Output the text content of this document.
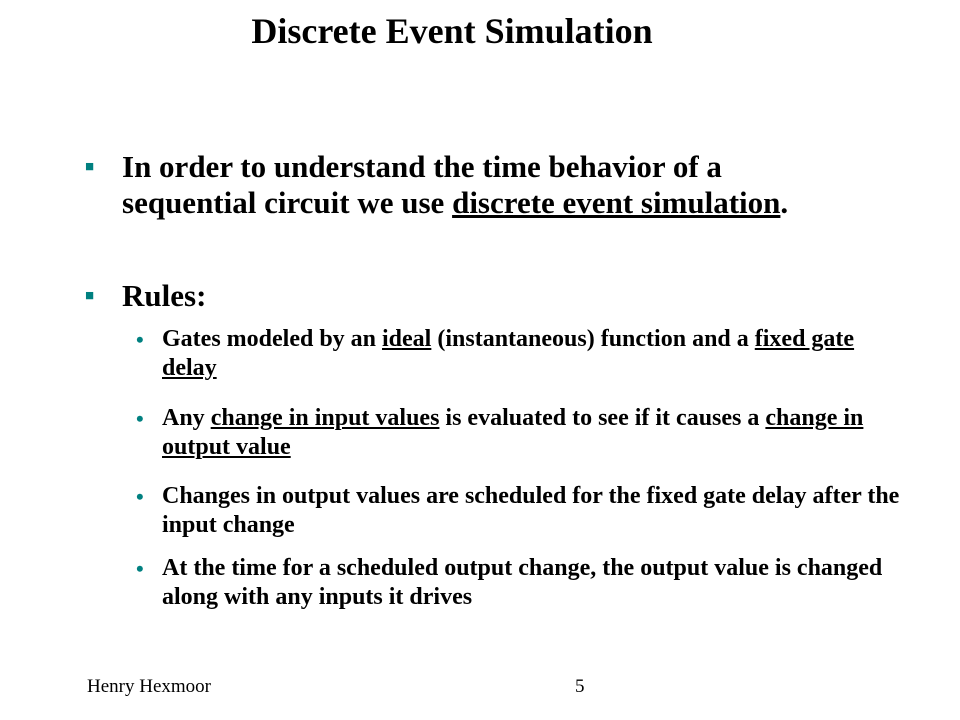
Discrete Event Simulation
■ In order to understand the time behavior of a sequential circuit we use discrete event simulation.
■ Rules:
• Gates modeled by an ideal (instantaneous) function and a fixed gate delay
• Any change in input values is evaluated to see if it causes a change in output value
• Changes in output values are scheduled for the fixed gate delay after the input change
• At the time for a scheduled output change, the output value is changed along with any inputs it drives
Henry Hexmoor	5
